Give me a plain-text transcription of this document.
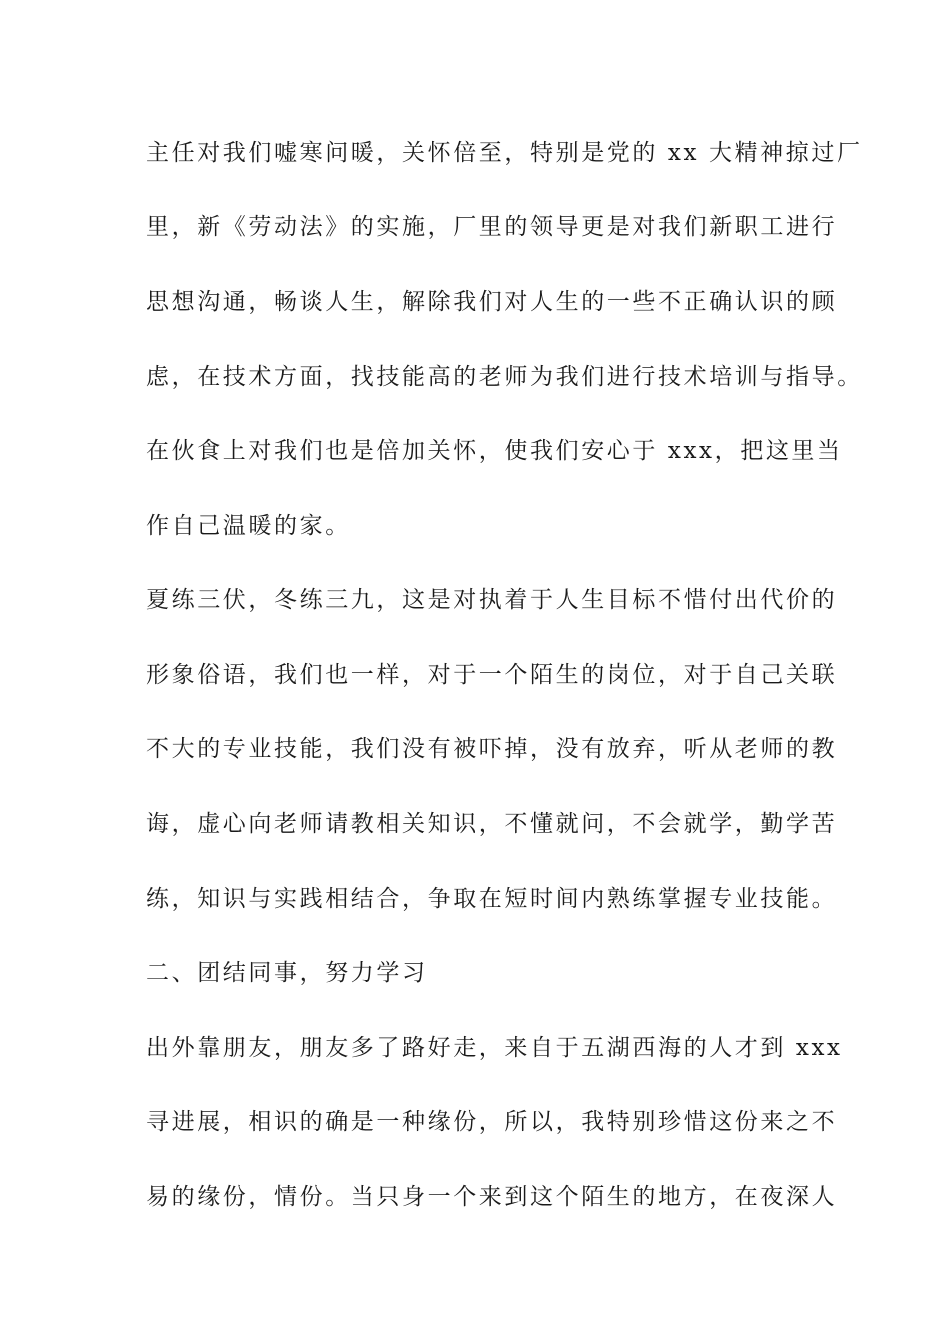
主任对我们嘘寒问暖，关怀倍至，特别是党的 xx 大精神掠过厂
里，新《劳动法》的实施，厂里的领导更是对我们新职工进行
思想沟通，畅谈人生，解除我们对人生的一些不正确认识的顾
虑，在技术方面，找技能高的老师为我们进行技术培训与指导。
在伙食上对我们也是倍加关怀，使我们安心于 xxx，把这里当
作自己温暖的家。
夏练三伏，冬练三九，这是对执着于人生目标不惜付出代价的
形象俗语，我们也一样，对于一个陌生的岗位，对于自己关联
不大的专业技能，我们没有被吓掉，没有放弃，听从老师的教
诲，虚心向老师请教相关知识，不懂就问，不会就学，勤学苦
练，知识与实践相结合，争取在短时间内熟练掌握专业技能。
二、团结同事，努力学习
出外靠朋友，朋友多了路好走，来自于五湖西海的人才到 xxx
寻进展，相识的确是一种缘份，所以，我特别珍惜这份来之不
易的缘份，情份。当只身一个来到这个陌生的地方，在夜深人
